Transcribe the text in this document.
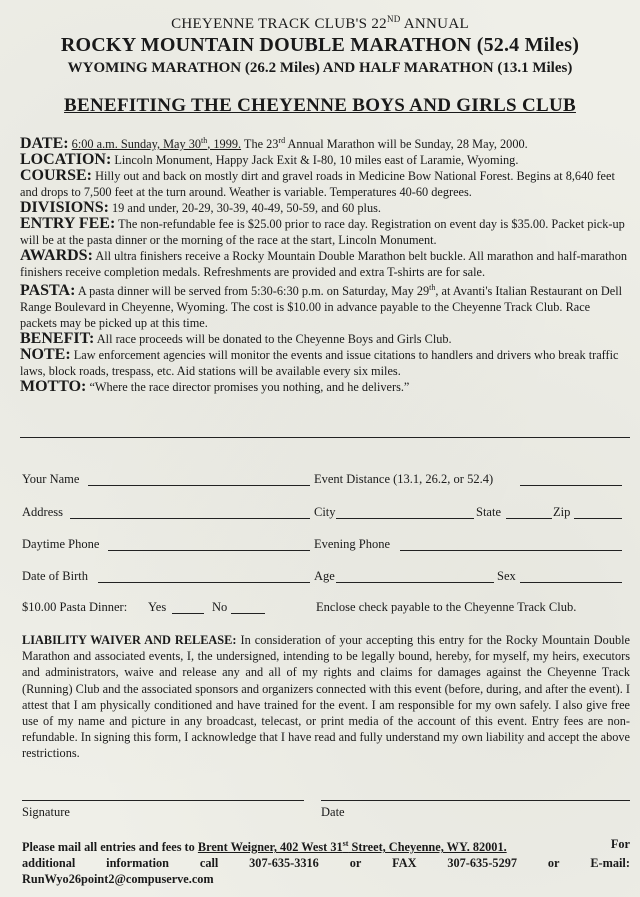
CHEYENNE TRACK CLUB'S 22ND ANNUAL
ROCKY MOUNTAIN DOUBLE MARATHON (52.4 Miles)
WYOMING MARATHON (26.2 Miles) AND HALF MARATHON (13.1 Miles)
BENEFITING THE CHEYENNE BOYS AND GIRLS CLUB

DATE: 6:00 a.m. Sunday, May 30th, 1999. The 23rd Annual Marathon will be Sunday, 28 May, 2000.

LOCATION: Lincoln Monument, Happy Jack Exit & I-80, 10 miles east of Laramie, Wyoming.

COURSE: Hilly out and back on mostly dirt and gravel roads in Medicine Bow National Forest. Begins at 8,640 feet and drops to 7,500 feet at the turn around. Weather is variable. Temperatures 40-60 degrees.

DIVISIONS: 19 and under, 20-29, 30-39, 40-49, 50-59, and 60 plus.

ENTRY FEE: The non-refundable fee is $25.00 prior to race day. Registration on event day is $35.00. Packet pick-up will be at the pasta dinner or the morning of the race at the start, Lincoln Monument.

AWARDS: All ultra finishers receive a Rocky Mountain Double Marathon belt buckle. All marathon and half-marathon finishers receive completion medals. Refreshments are provided and extra T-shirts are for sale.

PASTA: A pasta dinner will be served from 5:30-6:30 p.m. on Saturday, May 29th, at Avanti's Italian Restaurant on Dell Range Boulevard in Cheyenne, Wyoming. The cost is $10.00 in advance payable to the Cheyenne Track Club. Race packets may be picked up at this time.

BENEFIT: All race proceeds will be donated to the Cheyenne Boys and Girls Club.

NOTE: Law enforcement agencies will monitor the events and issue citations to handlers and drivers who break traffic laws, block roads, trespass, etc. Aid stations will be available every six miles.

MOTTO: “Where the race director promises you nothing, and he delivers.”

Your Name	Event Distance (13.1, 26.2, or 52.4)
Address	City	State	Zip
Daytime Phone	Evening Phone
Date of Birth	Age	Sex
$10.00 Pasta Dinner: Yes	No	Enclose check payable to the Cheyenne Track Club.
LIABILITY WAIVER AND RELEASE: In consideration of your accepting this entry for the Rocky Mountain Double Marathon and associated events, I, the undersigned, intending to be legally bound, hereby, for myself, my heirs, executors and administrators, waive and release any and all of my rights and claims for damages against the Cheyenne Track (Running) Club and the associated sponsors and organizers connected with this event (before, during, and after the event). I attest that I am physically conditioned and have trained for the event. I am responsible for my own safely. I also give free use of my name and picture in any broadcast, telecast, or print media of the account of this event. Entry fees are non-refundable. In signing this form, I acknowledge that I have read and fully understand my own liability and accept the above restrictions.
Signature	Date
Please mail all entries and fees to Brent Weigner, 402 West 31st Street, Cheyenne, WY. 82001.	For
additional	information	call	307-635-3316	or	FAX	307-635-5297	or	E-mail:
RunWyo26point2@compuserve.com
